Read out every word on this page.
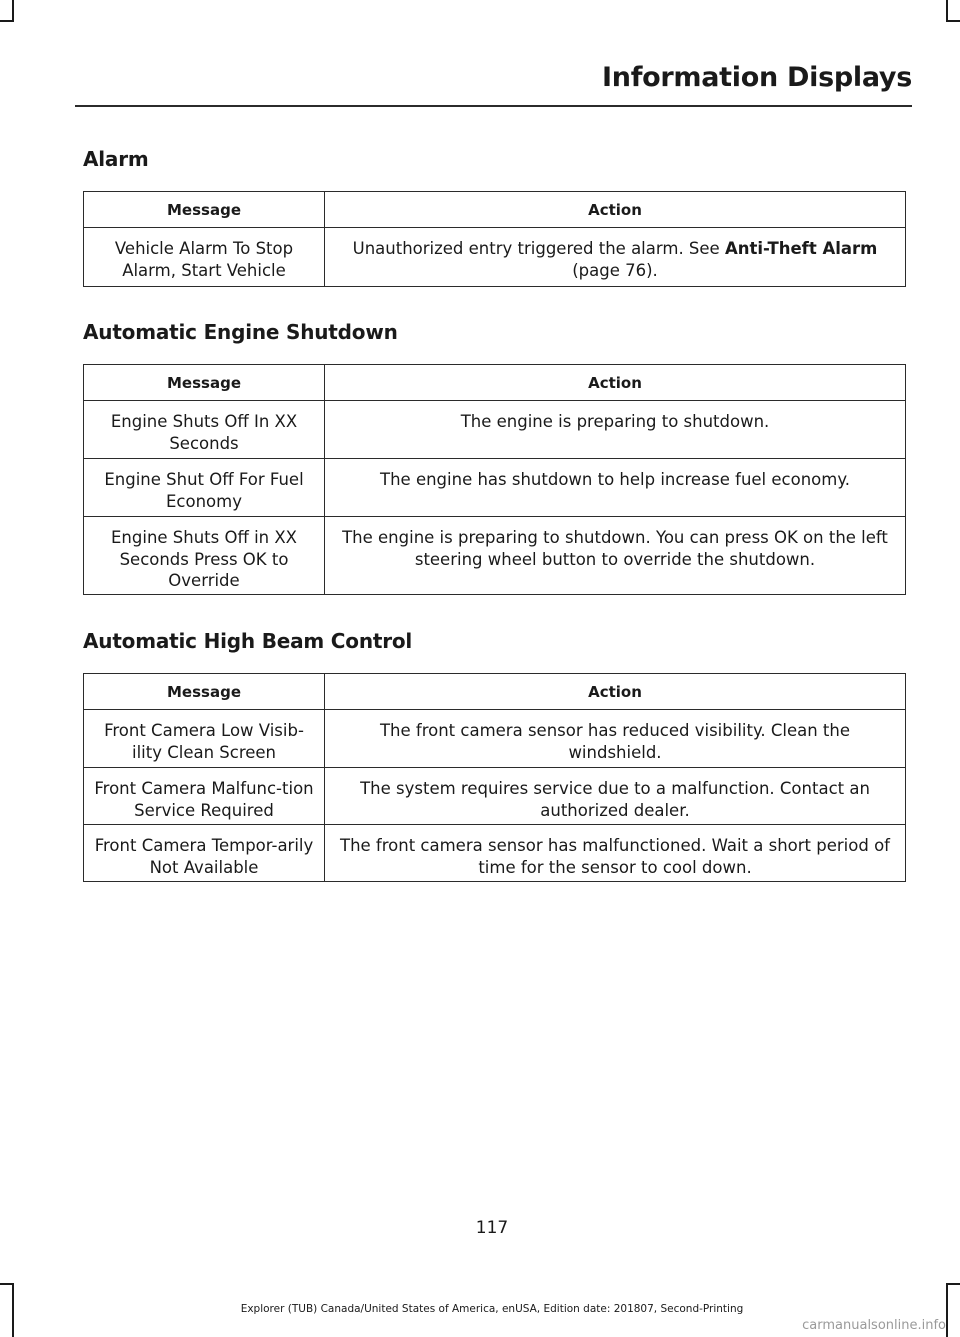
Information Displays
Alarm
Message	Action
Vehicle Alarm To Stop Alarm, Start Vehicle	Unauthorized entry triggered the alarm. See Anti-Theft Alarm (page 76).
Automatic Engine Shutdown
Message	Action
Engine Shuts Off In XX Seconds	The engine is preparing to shutdown.
Engine Shut Off For Fuel Economy	The engine has shutdown to help increase fuel economy.
Engine Shuts Off in XX Seconds Press OK to Override	The engine is preparing to shutdown. You can press OK on the left steering wheel button to override the shutdown.
Automatic High Beam Control
Message	Action
Front Camera Low Visib-ility Clean Screen	The front camera sensor has reduced visibility. Clean the windshield.
Front Camera Malfunc-tion Service Required	The system requires service due to a malfunction. Contact an authorized dealer.
Front Camera Tempor-arily Not Available	The front camera sensor has malfunctioned. Wait a short period of time for the sensor to cool down.
117
Explorer (TUB) Canada/United States of America, enUSA, Edition date: 201807, Second-Printing
carmanualsonline.info
